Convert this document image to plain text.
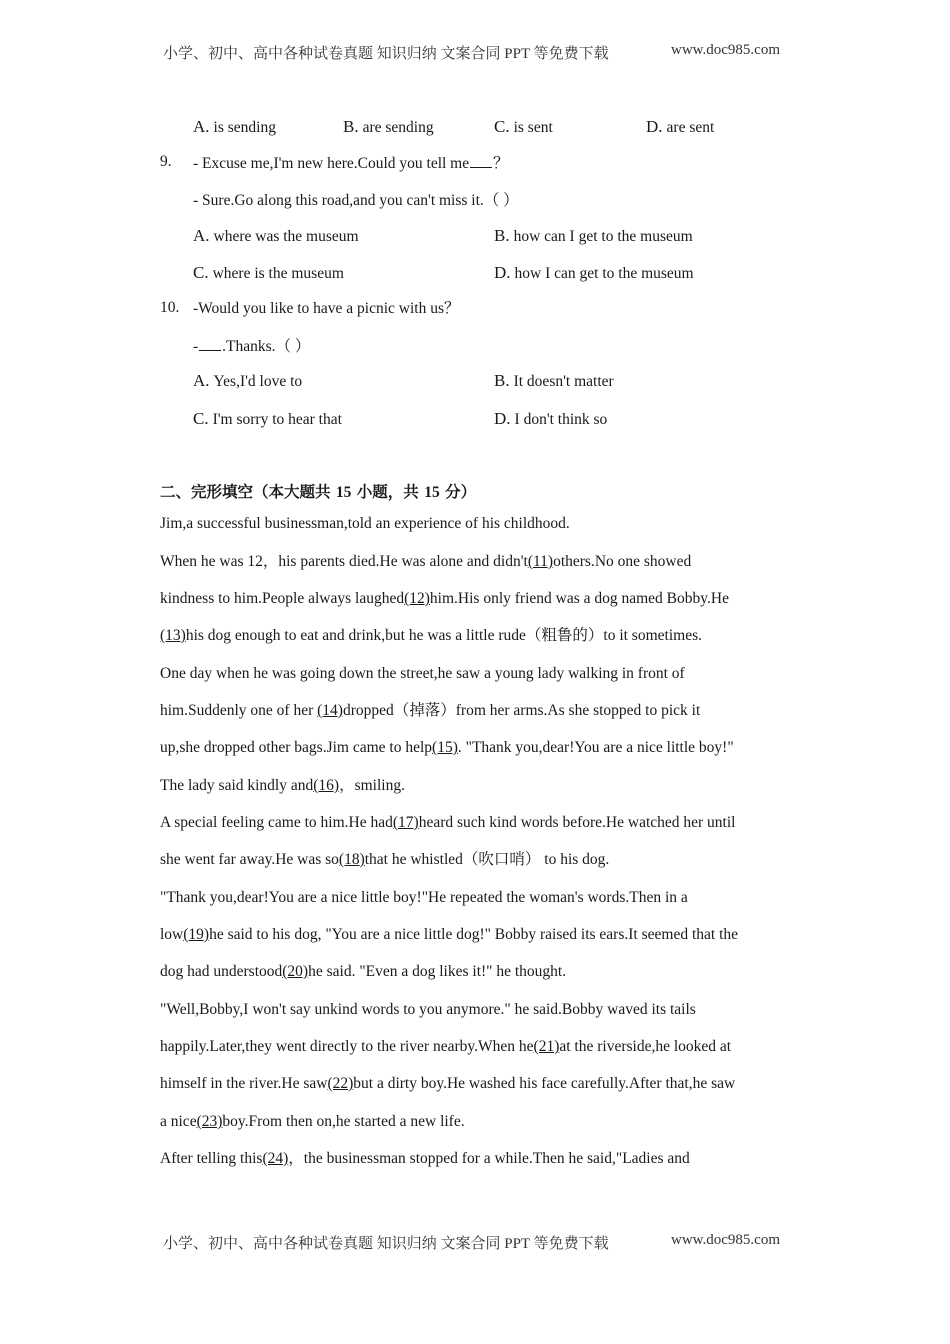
小学、初中、高中各种试卷真题 知识归纳 文案合同 PPT 等免费下载	www.doc985.com
A. is sending	B. are sending	C. is sent	D. are sent
9. - Excuse me,I'm new here.Could you tell me ？
- Sure.Go along this road,and you can't miss it.（ ）
A. where was the museum	B. how can I get to the museum
C. where is the museum	D. how I can get to the museum
10. -Would you like to have a picnic with us？
- .Thanks.（ ）
A. Yes,I'd love to	B. It doesn't matter
C. I'm sorry to hear that	D. I don't think so
二、完形填空（本大题共 15 小题，共 15 分）
Jim,a successful businessman,told an experience of his childhood.
When he was 12，his parents died.He was alone and didn't(11)others.No one showed
kindness to him.People always laughed(12)him.His only friend was a dog named Bobby.He
(13)his dog enough to eat and drink,but he was a little rude（粗鲁的）to it sometimes.
One day when he was going down the street,he saw a young lady walking in front of
him.Suddenly one of her (14)dropped（掉落）from her arms.As she stopped to pick it
up,she dropped other bags.Jim came to help(15). "Thank you,dear!You are a nice little boy!"
The lady said kindly and(16)，smiling.
A special feeling came to him.He had(17)heard such kind words before.He watched her until
she went far away.He was so(18)that he whistled（吹口哨） to his dog.
"Thank you,dear!You are a nice little boy!"He repeated the woman's words.Then in a
low(19)he said to his dog, "You are a nice little dog!" Bobby raised its ears.It seemed that the
dog had understood(20)he said. "Even a dog likes it!" he thought.
"Well,Bobby,I won't say unkind words to you anymore." he said.Bobby waved its tails
happily.Later,they went directly to the river nearby.When he(21)at the riverside,he looked at
himself in the river.He saw(22)but a dirty boy.He washed his face carefully.After that,he saw
a nice(23)boy.From then on,he started a new life.
After telling this(24)，the businessman stopped for a while.Then he said,"Ladies and
小学、初中、高中各种试卷真题 知识归纳 文案合同 PPT 等免费下载	www.doc985.com
